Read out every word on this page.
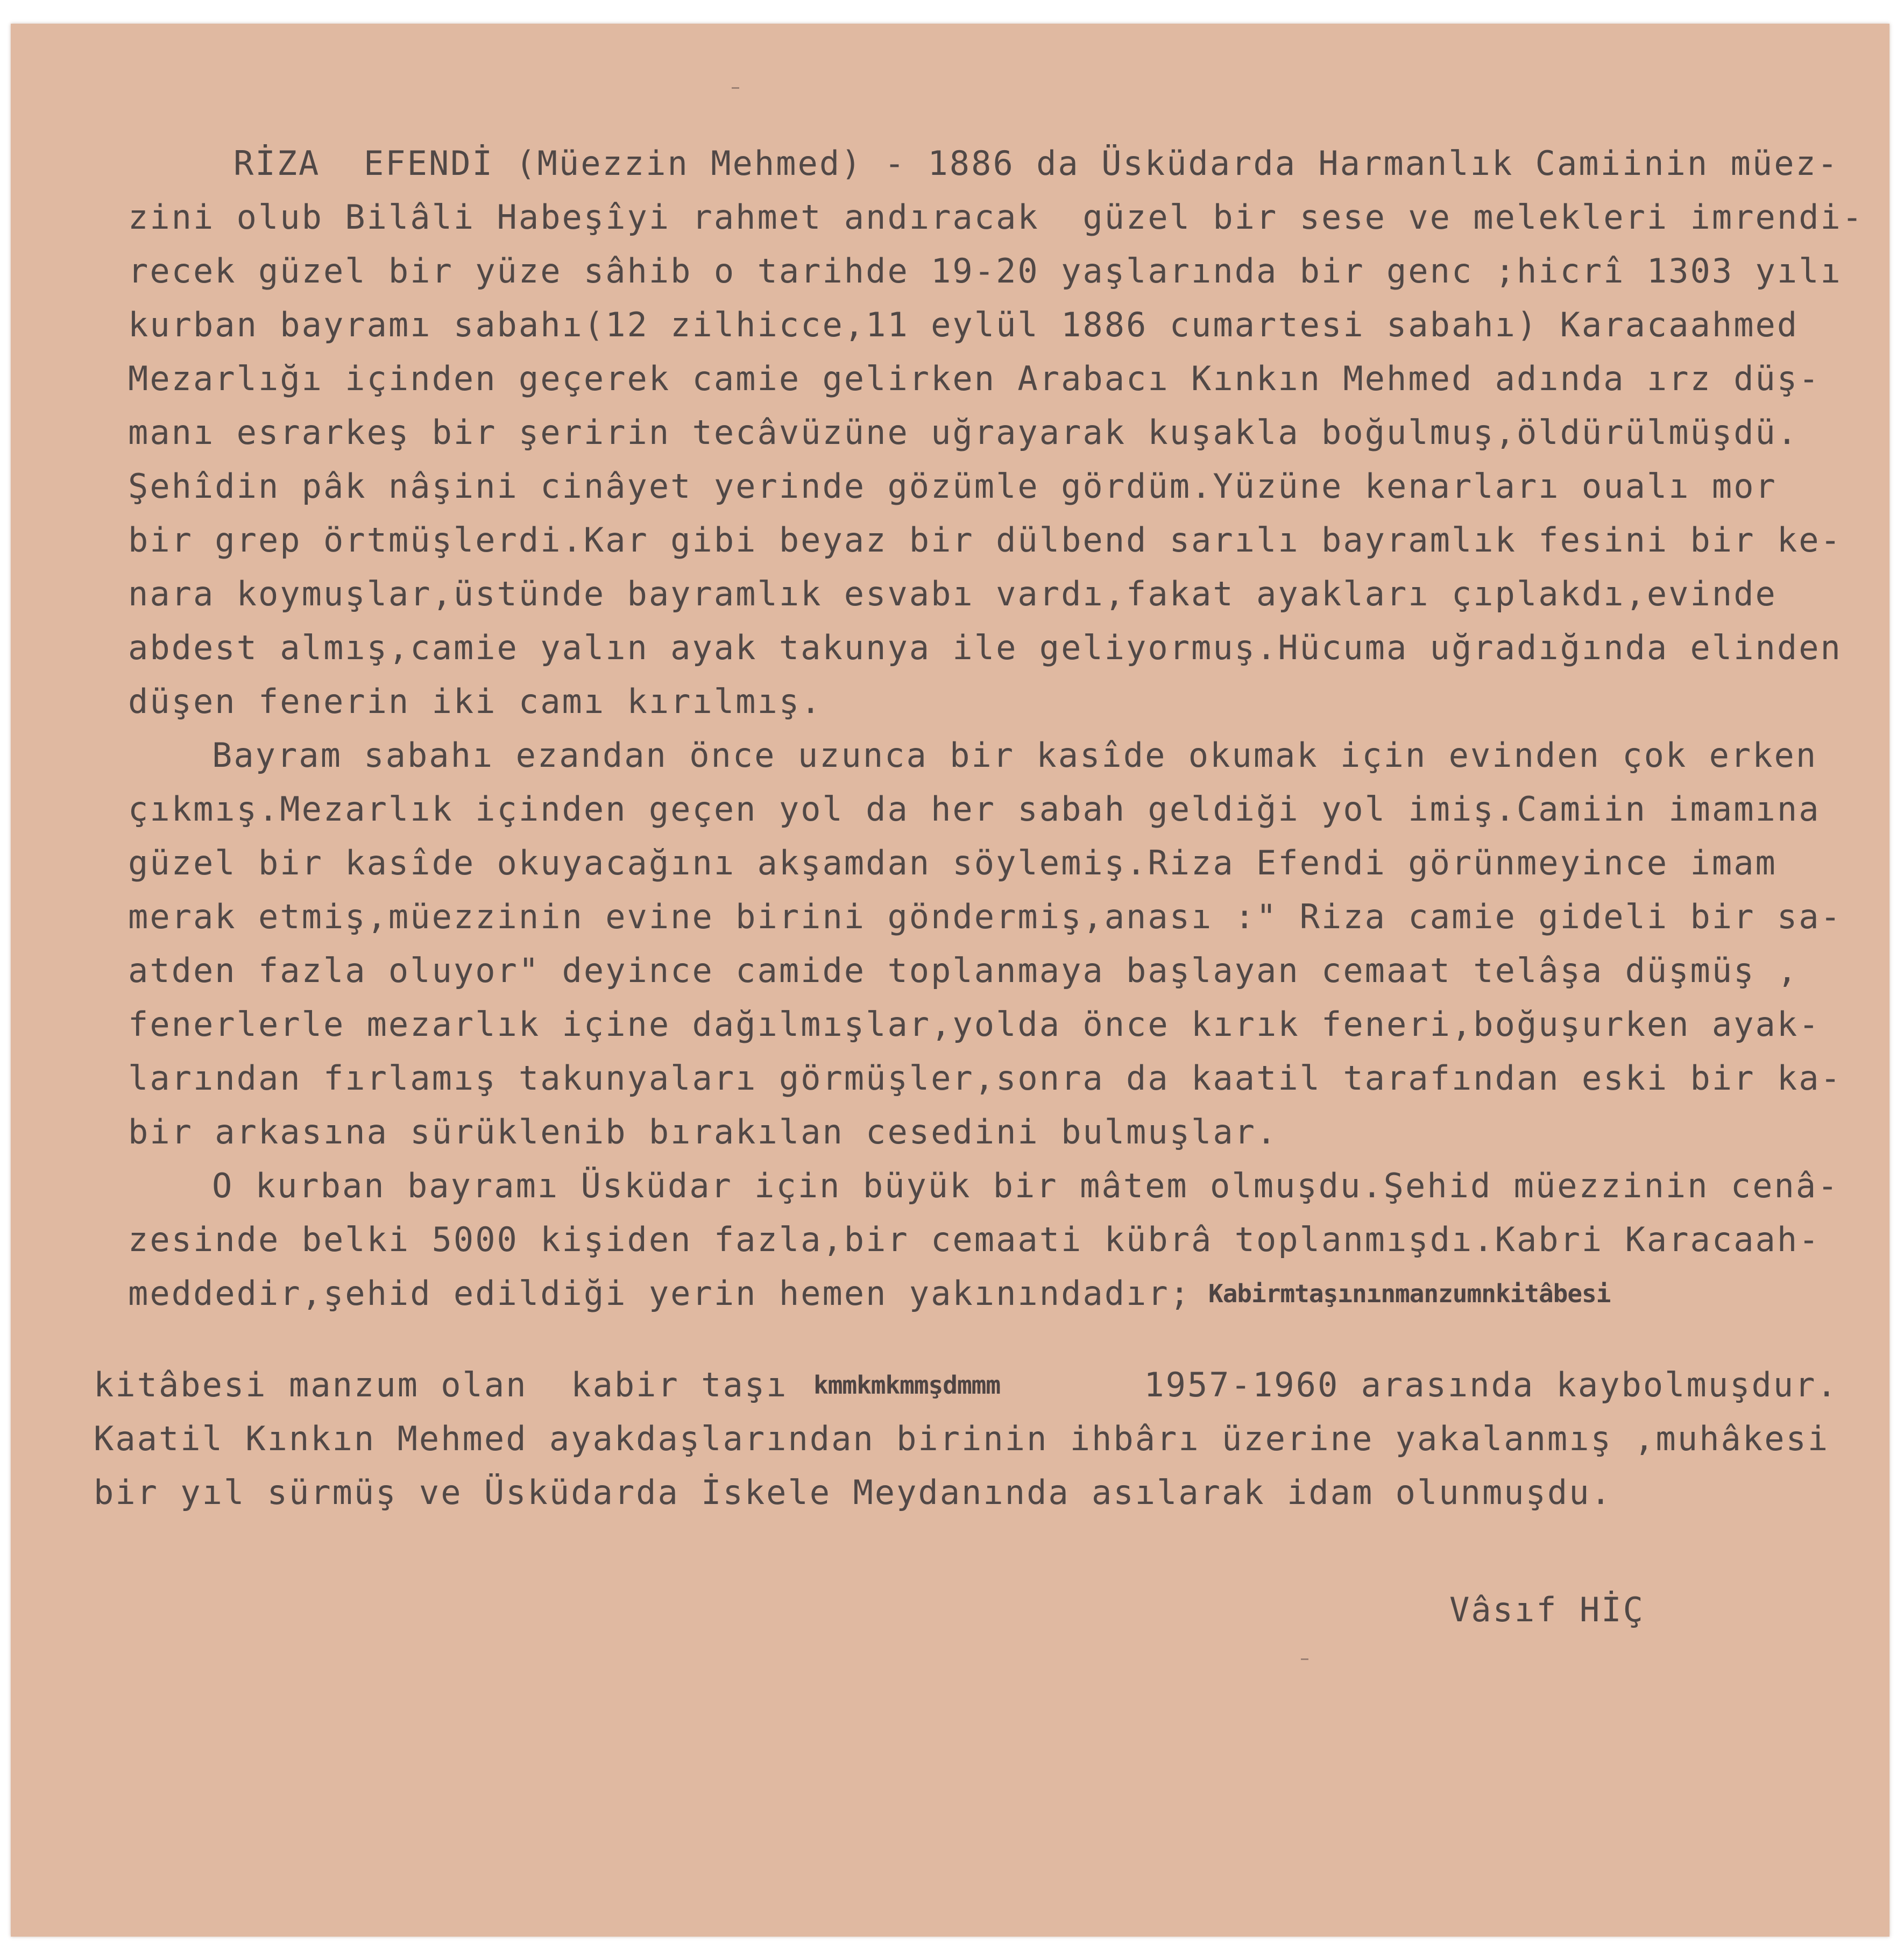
RİZA  EFENDİ (Müezzin Mehmed) - 1886 da Üsküdarda Harmanlık Camiinin müez-
zini olub Bilâli Habeşîyi rahmet andıracak  güzel bir sese ve melekleri imrendi-
recek güzel bir yüze sâhib o tarihde 19-20 yaşlarında bir genc ;hicrî 1303 yılı
kurban bayramı sabahı(12 zilhicce,11 eylül 1886 cumartesi sabahı) Karacaahmed
Mezarlığı içinden geçerek camie gelirken Arabacı Kınkın Mehmed adında ırz düş-
manı esrarkeş bir şeririn tecâvüzüne uğrayarak kuşakla boğulmuş,öldürülmüşdü.
Şehîdin pâk nâşini cinâyet yerinde gözümle gördüm.Yüzüne kenarları oualı mor
bir grep örtmüşlerdi.Kar gibi beyaz bir dülbend sarılı bayramlık fesini bir ke-
nara koymuşlar,üstünde bayramlık esvabı vardı,fakat ayakları çıplakdı,evinde
abdest almış,camie yalın ayak takunya ile geliyormuş.Hücuma uğradığında elinden
düşen fenerin iki camı kırılmış.
Bayram sabahı ezandan önce uzunca bir kasîde okumak için evinden çok erken
çıkmış.Mezarlık içinden geçen yol da her sabah geldiği yol imiş.Camiin imamına
güzel bir kasîde okuyacağını akşamdan söylemiş.Riza Efendi görünmeyince imam
merak etmiş,müezzinin evine birini göndermiş,anası :" Riza camie gideli bir sa-
atden fazla oluyor" deyince camide toplanmaya başlayan cemaat telâşa düşmüş ,
fenerlerle mezarlık içine dağılmışlar,yolda önce kırık feneri,boğuşurken ayak-
larından fırlamış takunyaları görmüşler,sonra da kaatil tarafından eski bir ka-
bir arkasına sürüklenib bırakılan cesedini bulmuşlar.
O kurban bayramı Üsküdar için büyük bir mâtem olmuşdu.Şehid müezzinin cenâ-
zesinde belki 5000 kişiden fazla,bir cemaati kübrâ toplanmışdı.Kabri Karacaah-
meddedir,şehid edildiği yerin hemen yakınındadır; Kabirmtaşınınmanzumnkitâbesi
kitâbesi manzum olan  kabir taşı kmmkmkmmşdmmm	1957-1960 arasında kaybolmuşdur.
Kaatil Kınkın Mehmed ayakdaşlarından birinin ihbârı üzerine yakalanmış ,muhâkesi
bir yıl sürmüş ve Üsküdarda İskele Meydanında asılarak idam olunmuşdu.
Vâsıf HİÇ
